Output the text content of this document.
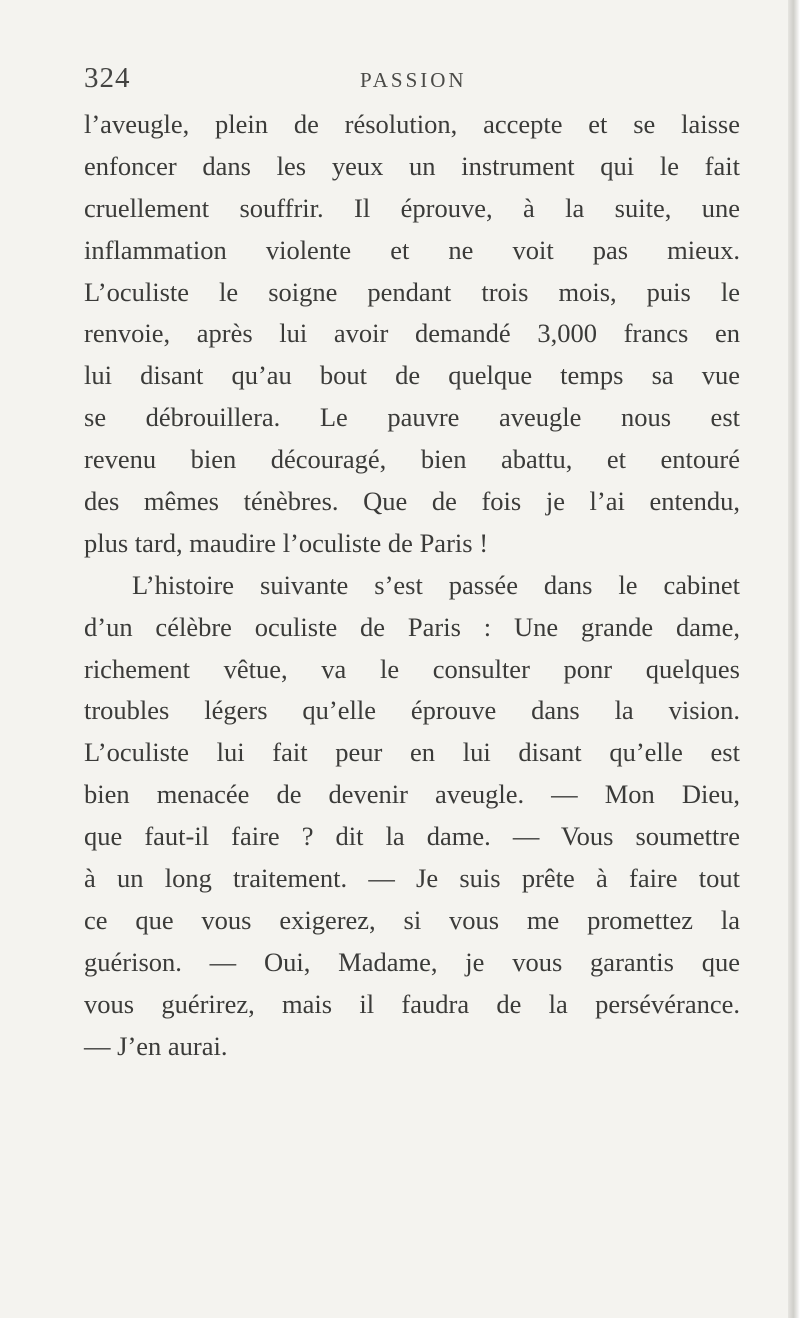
324	PASSION
l’aveugle, plein de résolution, accepte et se laisse
enfoncer dans les yeux un instrument qui le fait
cruellement souffrir. Il éprouve, à la suite, une
inflammation violente et ne voit pas mieux.
L’oculiste le soigne pendant trois mois, puis le
renvoie, après lui avoir demandé 3,000 francs en
lui disant qu’au bout de quelque temps sa vue
se débrouillera. Le pauvre aveugle nous est
revenu bien découragé, bien abattu, et entouré
des mêmes ténèbres. Que de fois je l’ai entendu,
plus tard, maudire l’oculiste de Paris !
L’histoire suivante s’est passée dans le cabinet
d’un célèbre oculiste de Paris : Une grande dame,
richement vêtue, va le consulter ponr quelques
troubles légers qu’elle éprouve dans la vision.
L’oculiste lui fait peur en lui disant qu’elle est
bien menacée de devenir aveugle. — Mon Dieu,
que faut-il faire ? dit la dame. — Vous soumettre
à un long traitement. — Je suis prête à faire tout
ce que vous exigerez, si vous me promettez la
guérison. — Oui, Madame, je vous garantis que
vous guérirez, mais il faudra de la persévérance.
— J’en aurai.
